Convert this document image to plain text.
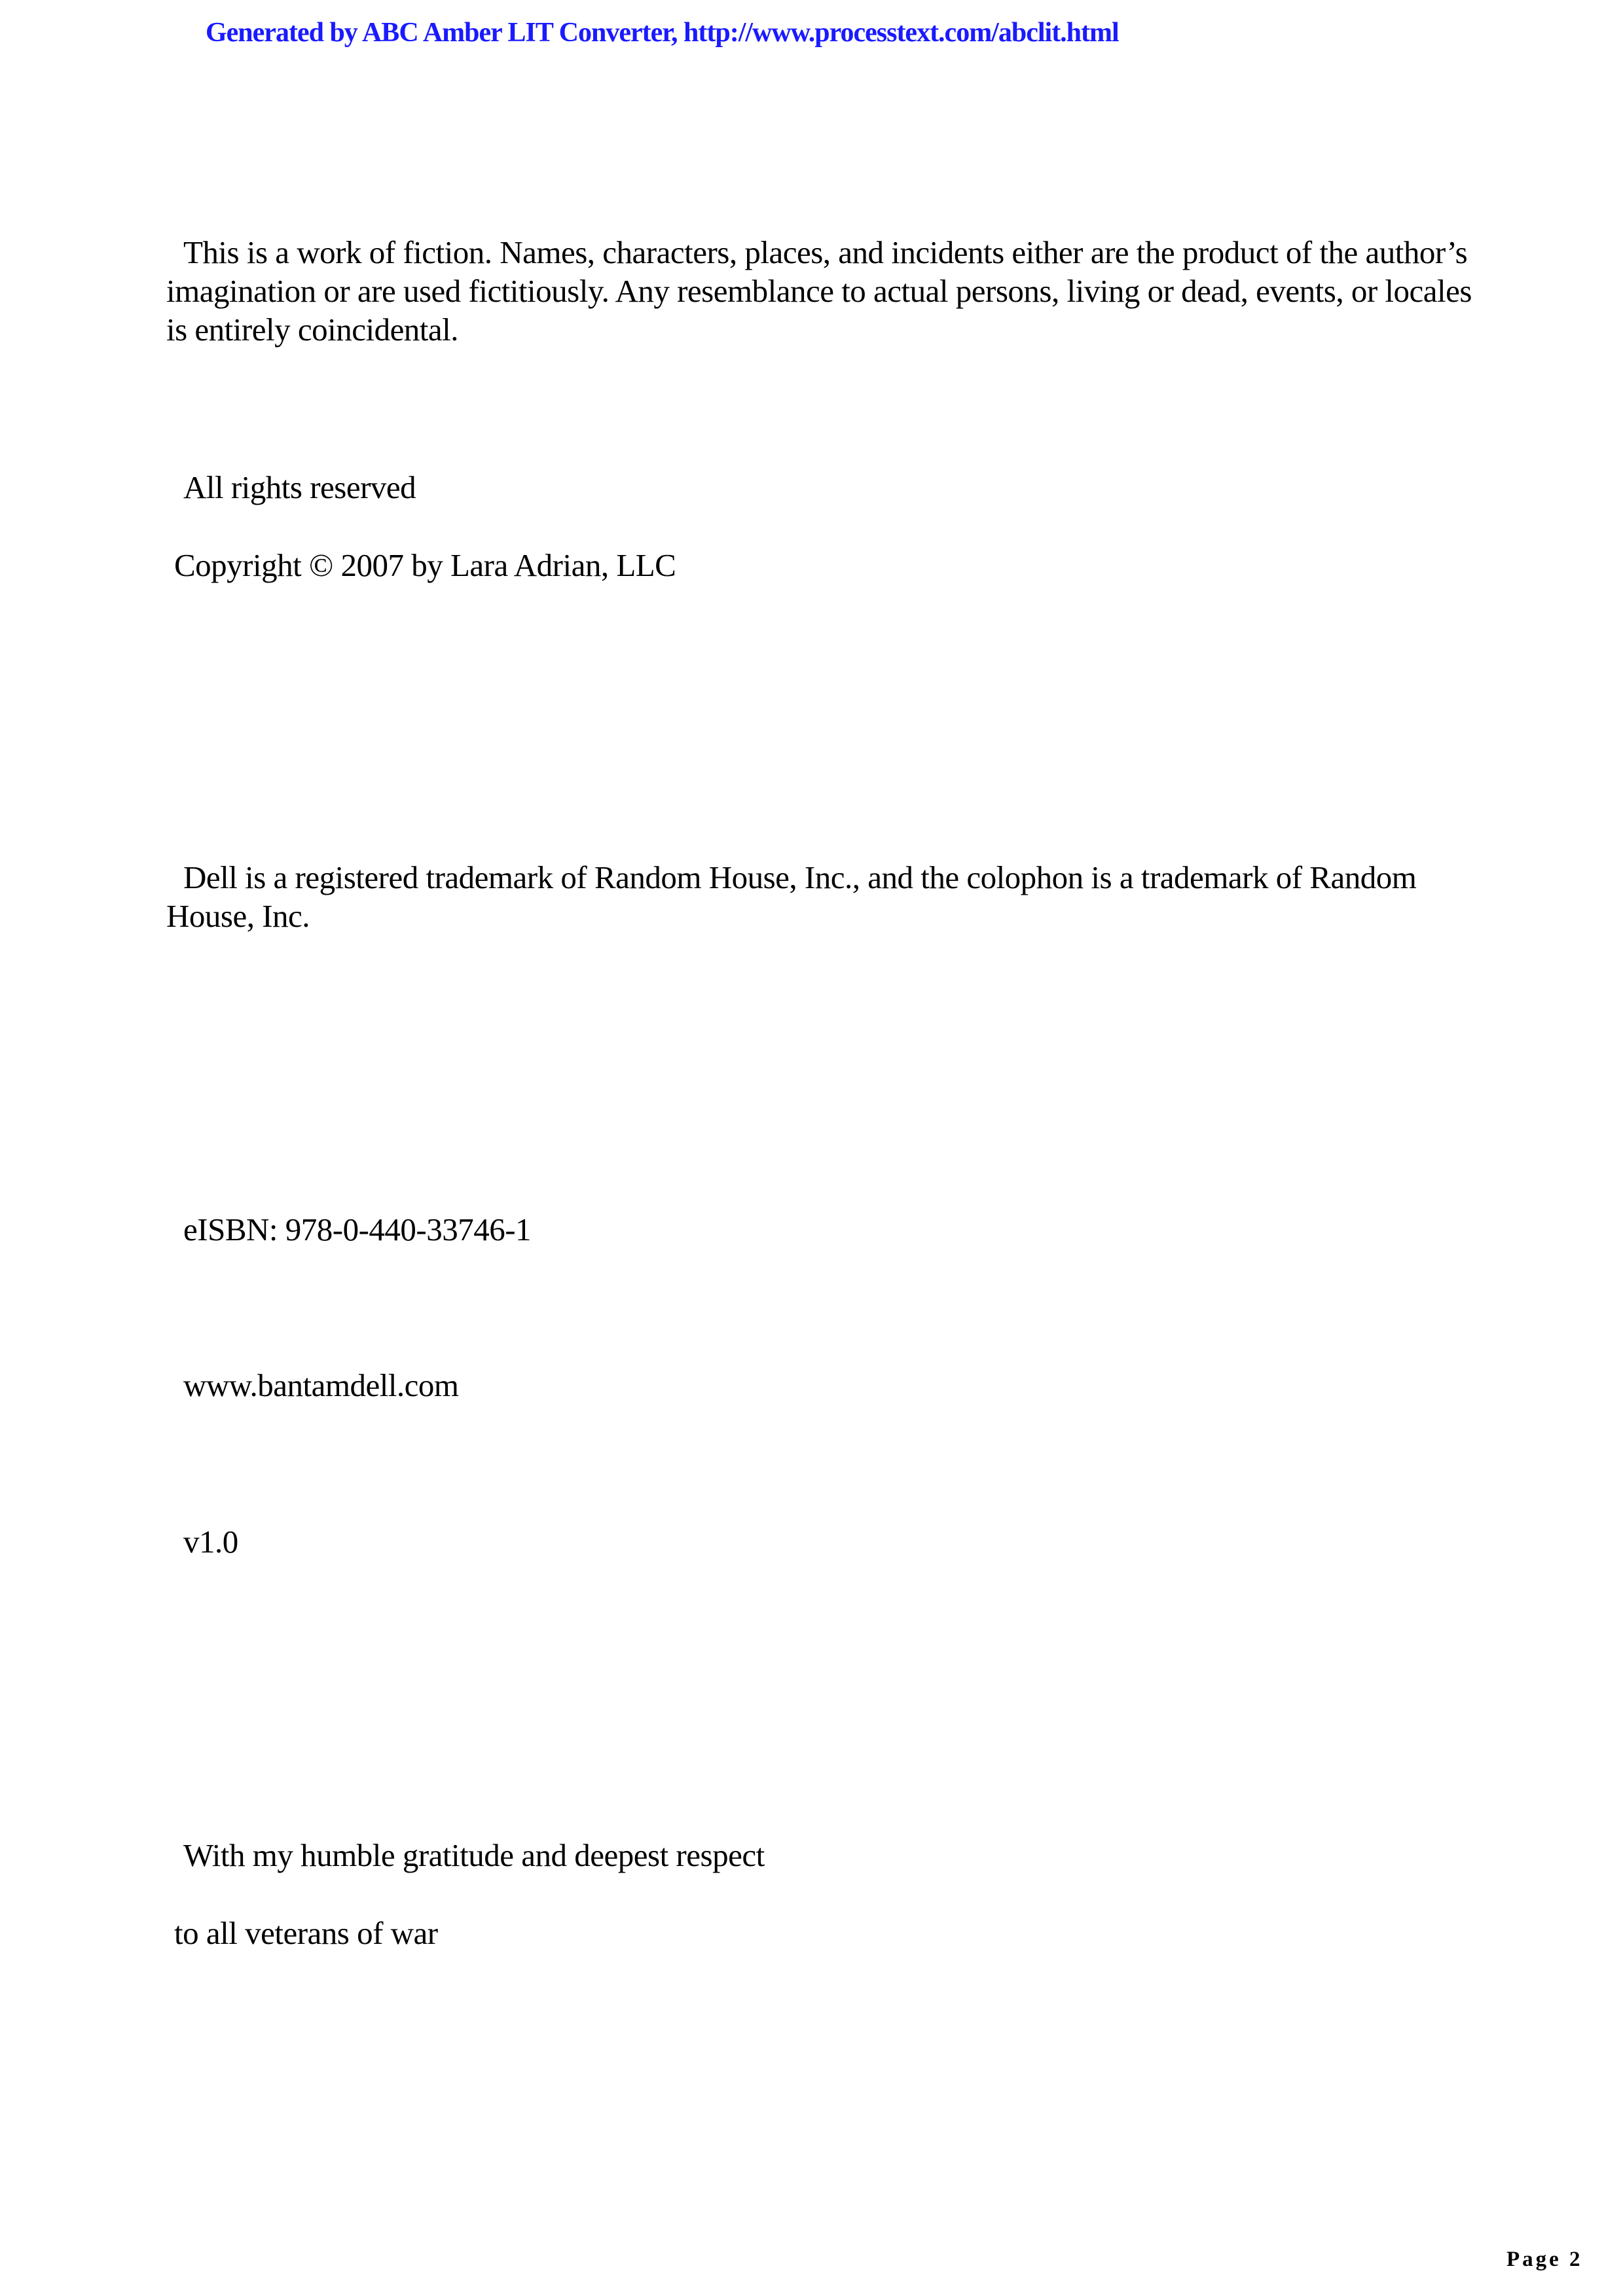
Generated by ABC Amber LIT Converter, http://www.processtext.com/abclit.html
This is a work of fiction. Names, characters, places, and incidents either are the product of the author’s imagination or are used fictitiously. Any resemblance to actual persons, living or dead, events, or locales is entirely coincidental.
All rights reserved
Copyright © 2007 by Lara Adrian, LLC
Dell is a registered trademark of Random House, Inc., and the colophon is a trademark of Random House, Inc.
eISBN: 978-0-440-33746-1
www.bantamdell.com
v1.0
With my humble gratitude and deepest respect
to all veterans of war
Page 2
